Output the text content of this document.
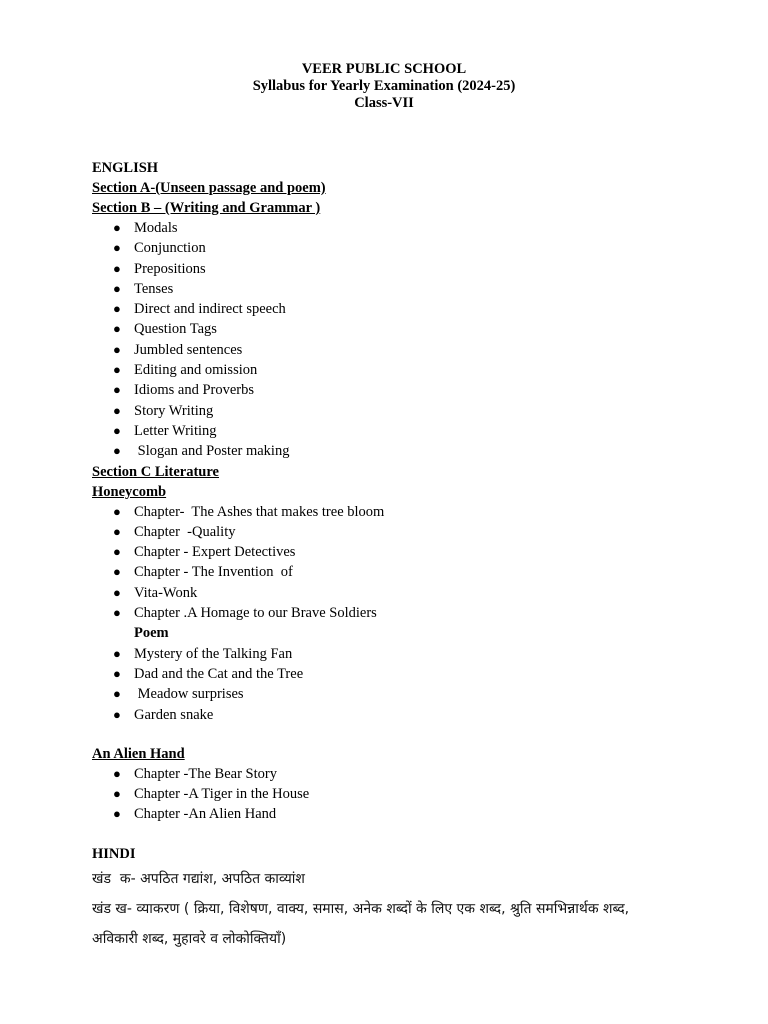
VEER PUBLIC SCHOOL
Syllabus for Yearly Examination (2024-25)
Class-VII
ENGLISH
Section A-(Unseen passage and poem)
Section B – (Writing and Grammar )
● Modals
● Conjunction
● Prepositions
● Tenses
● Direct and indirect speech
● Question Tags
● Jumbled sentences
● Editing and omission
● Idioms and Proverbs
● Story Writing
● Letter Writing
● Slogan and Poster making
Section C Literature
Honeycomb
● Chapter-  The Ashes that makes tree bloom
● Chapter  -Quality
● Chapter - Expert Detectives
● Chapter - The Invention  of
● Vita-Wonk
● Chapter .A Homage to our Brave Soldiers
Poem
● Mystery of the Talking Fan
● Dad and the Cat and the Tree
● Meadow surprises
● Garden snake
An Alien Hand
● Chapter -The Bear Story
● Chapter -A Tiger in the House
● Chapter -An Alien Hand
HINDI
खंड  क- अपठित गद्यांश, अपठित काव्यांश
खंड ख- व्याकरण ( क्रिया, विशेषण, वाक्य, समास, अनेक शब्दों के लिए एक शब्द, श्रुति समभिन्नार्थक शब्द,
अविकारी शब्द, मुहावरे व लोकोक्तियाँ)
